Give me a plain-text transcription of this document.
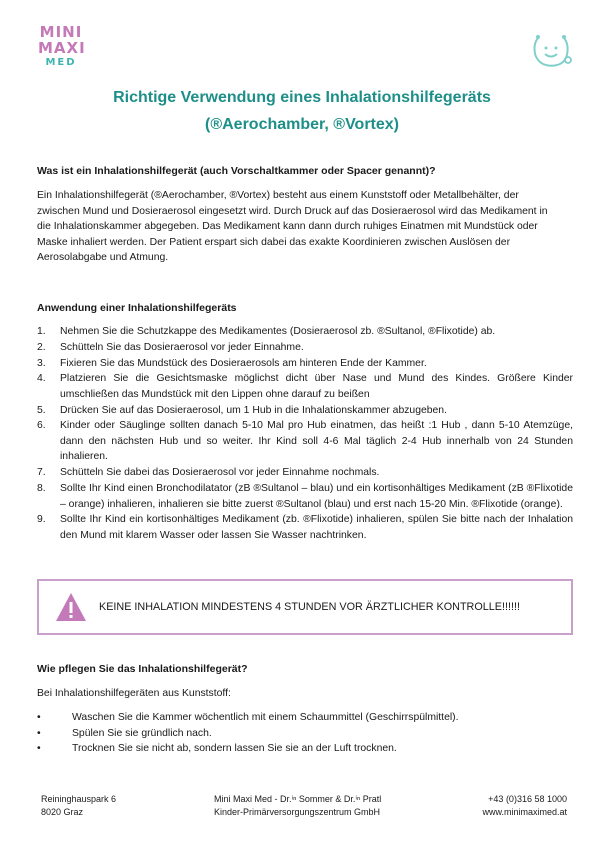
MINI
MAXI
MED
Richtige Verwendung eines Inhalationshilfegeräts
(®Aerochamber, ®Vortex)
Was ist ein Inhalationshilfegerät (auch Vorschaltkammer oder Spacer genannt)?
Ein Inhalationshilfegerät (®Aerochamber, ®Vortex) besteht aus einem Kunststoff oder Metallbehälter, der
zwischen Mund und Dosieraerosol eingesetzt wird. Durch Druck auf das Dosieraerosol wird das Medikament in
die Inhalationskammer abgegeben. Das Medikament kann dann durch ruhiges Einatmen mit Mundstück oder
Maske inhaliert werden. Der Patient erspart sich dabei das exakte Koordinieren zwischen Auslösen der
Aerosolabgabe und Atmung.
Anwendung einer Inhalationshilfegeräts
1.	Nehmen Sie die Schutzkappe des Medikamentes (Dosieraerosol zb. ®Sultanol, ®Flixotide) ab.
2.	Schütteln Sie das Dosieraerosol vor jeder Einnahme.
3.	Fixieren Sie das Mundstück des Dosieraerosols am hinteren Ende der Kammer.
4.	Platzieren Sie die Gesichtsmaske möglichst dicht über Nase und Mund des Kindes. Größere Kinder umschließen das Mundstück mit den Lippen ohne darauf zu beißen
5.	Drücken Sie auf das Dosieraerosol, um 1 Hub in die Inhalationskammer abzugeben.
6.	Kinder oder Säuglinge sollten danach 5-10 Mal pro Hub einatmen, das heißt :1 Hub , dann 5-10 Atemzüge, dann den nächsten Hub und so weiter. Ihr Kind soll 4-6 Mal täglich 2-4 Hub innerhalb von 24 Stunden inhalieren.
7.	Schütteln Sie dabei das Dosieraerosol vor jeder Einnahme nochmals.
8.	Sollte Ihr Kind einen Bronchodilatator (zB ®Sultanol – blau) und ein kortisonhältiges Medikament (zB ®Flixotide – orange) inhalieren, inhalieren sie bitte zuerst ®Sultanol (blau) und erst nach 15-20 Min. ®Flixotide (orange).
9.	Sollte Ihr Kind ein kortisonhältiges Medikament (zb. ®Flixotide) inhalieren, spülen Sie bitte nach der Inhalation den Mund mit klarem Wasser oder lassen Sie Wasser nachtrinken.
KEINE INHALATION MINDESTENS 4 STUNDEN VOR ÄRZTLICHER KONTROLLE!!!!!!
Wie pflegen Sie das Inhalationshilfegerät?
Bei Inhalationshilfegeräten aus Kunststoff:
•	Waschen Sie die Kammer wöchentlich mit einem Schaummittel (Geschirrspülmittel).
•	Spülen Sie sie gründlich nach.
•	Trocknen Sie sie nicht ab, sondern lassen Sie sie an der Luft trocknen.
Reininghauspark 6
8020 Graz
Mini Maxi Med - Dr.ⁱⁿ Sommer & Dr.ⁱⁿ Pratl
Kinder-Primärversorgungszentrum GmbH
+43 (0)316 58 1000
www.minimaximed.at
